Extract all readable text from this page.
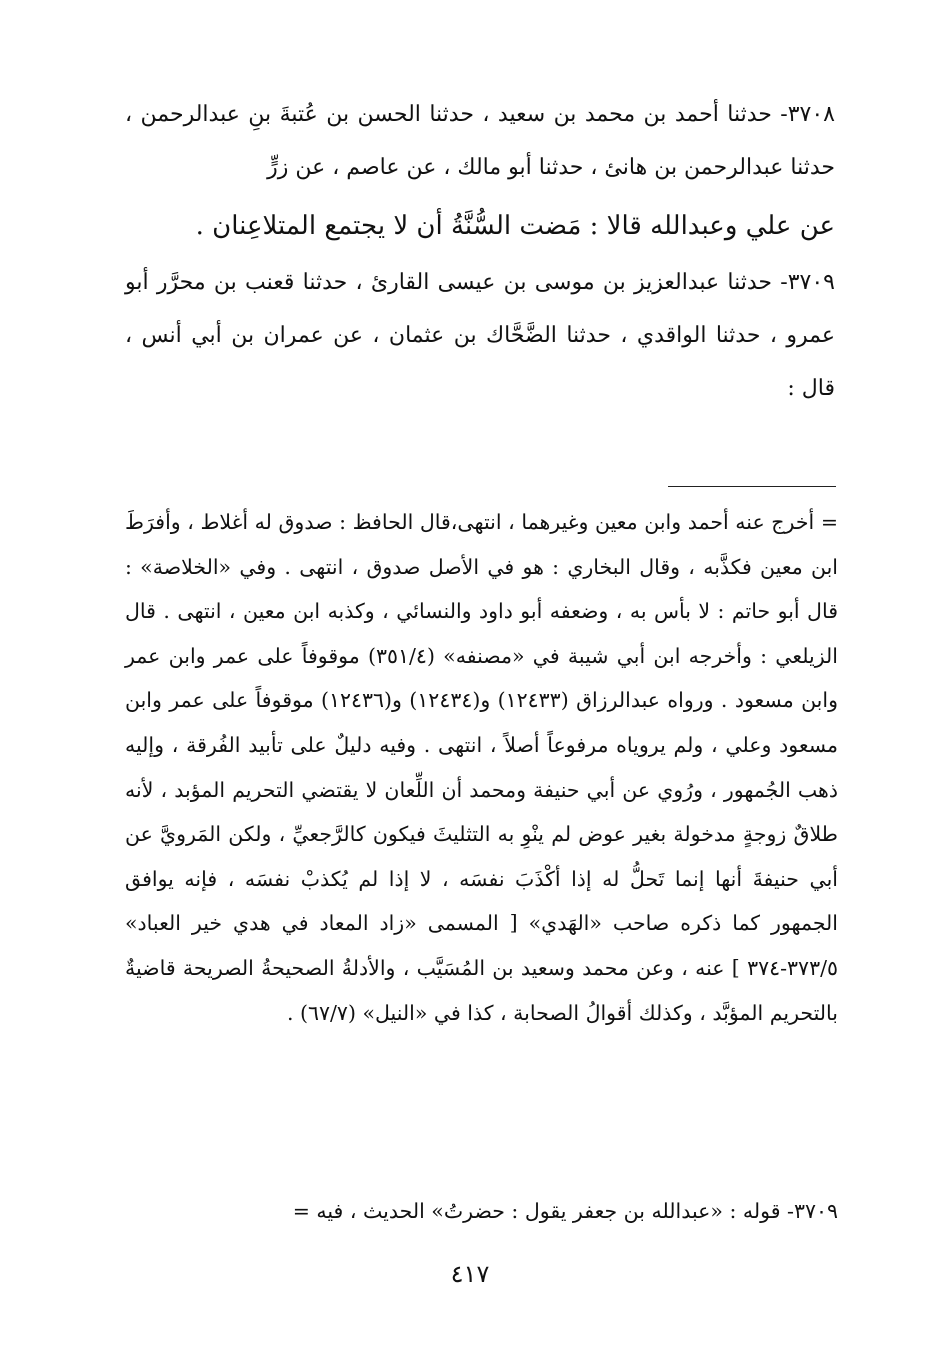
٣٧٠٨- حدثنا أحمد بن محمد بن سعيد ، حدثنا الحسن بن عُتبةَ بنِ عبدالرحمن ، حدثنا عبدالرحمن بن هانئ ، حدثنا أبو مالك ، عن عاصم ، عن زرٍّ

عن علي وعبدالله قالا : مَضت السُّنَّةُ أن لا يجتمع المتلاعِنان .

٣٧٠٩- حدثنا عبدالعزيز بن موسى بن عيسى القارئ ، حدثنا قعنب بن محرَّر أبو عمرو ، حدثنا الواقدي ، حدثنا الضَّحَّاك بن عثمان ، عن عمران بن أبي أنس ، قال :

= أخرج عنه أحمد وابن معين وغيرهما ، انتهى،قال الحافظ : صدوق له أغلاط ، وأفرَطَ ابن معين فكذَّبه ، وقال البخاري : هو في الأصل صدوق ، انتهى . وفي «الخلاصة» : قال أبو حاتم : لا بأس به ، وضعفه أبو داود والنسائي ، وكذبه ابن معين ، انتهى . قال الزيلعي : وأخرجه ابن أبي شيبة في «مصنفه» (٣٥١/٤) موقوفاً على عمر وابن عمر وابن مسعود . ورواه عبدالرزاق (١٢٤٣٣) و(١٢٤٣٤) و(١٢٤٣٦) موقوفاً على عمر وابن مسعود وعلي ، ولم يروياه مرفوعاً أصلاً ، انتهى . وفيه دليلٌ على تأبيد الفُرقة ، وإليه ذهب الجُمهور ، ورُوي عن أبي حنيفة ومحمد أن اللِّعان لا يقتضي التحريم المؤبد ، لأنه طلاقٌ زوجةٍ مدخولة بغير عوض لم ينْوِ به التثليثَ فيكون كالرَّجعيِّ ، ولكن المَرويَّ عن أبي حنيفةَ أنها إنما تَحلُّ له إذا أكْذَبَ نفسَه ، لا إذا لم يُكذبْ نفسَه ، فإنه يوافق الجمهور كما ذكره صاحب «الهَدي» [ المسمى «زاد المعاد في هدي خير العباد» ٣٧٣/٥-٣٧٤ ] عنه ، وعن محمد وسعيد بن المُسَيَّب ، والأدلةُ الصحيحةُ الصريحة قاضيةٌ بالتحريم المؤبَّد ، وكذلك أقوالُ الصحابة ، كذا في «النيل» (٦٧/٧) .

٣٧٠٩- قوله : «عبدالله بن جعفر يقول : حضرتُ» الحديث ، فيه =

٤١٧
